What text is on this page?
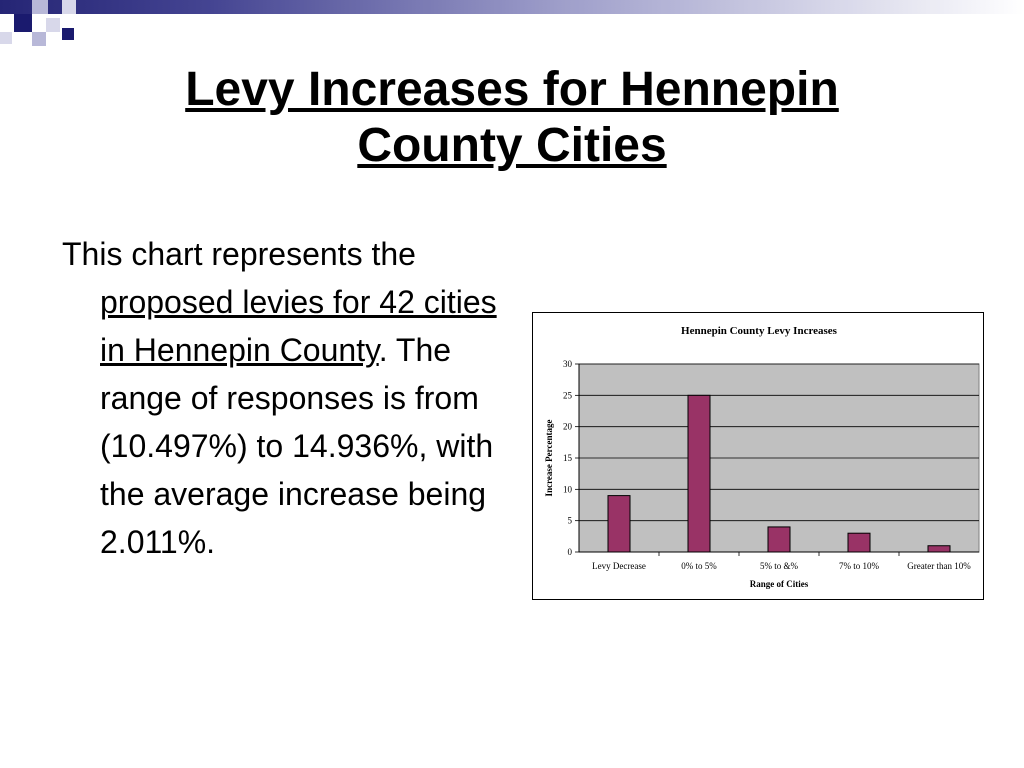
Levy Increases for Hennepin
County Cities
This chart represents the proposed levies for 42 cities in Hennepin County. The range of responses is from (10.497%) to 14.936%, with the average increase being 2.011%.
Hennepin County Levy Increases
0
5
10
15
20
25
30
Levy Decrease	0% to 5%	5% to &%	7% to 10%	Greater than 10%
Range of Cities
Increase Percentage
